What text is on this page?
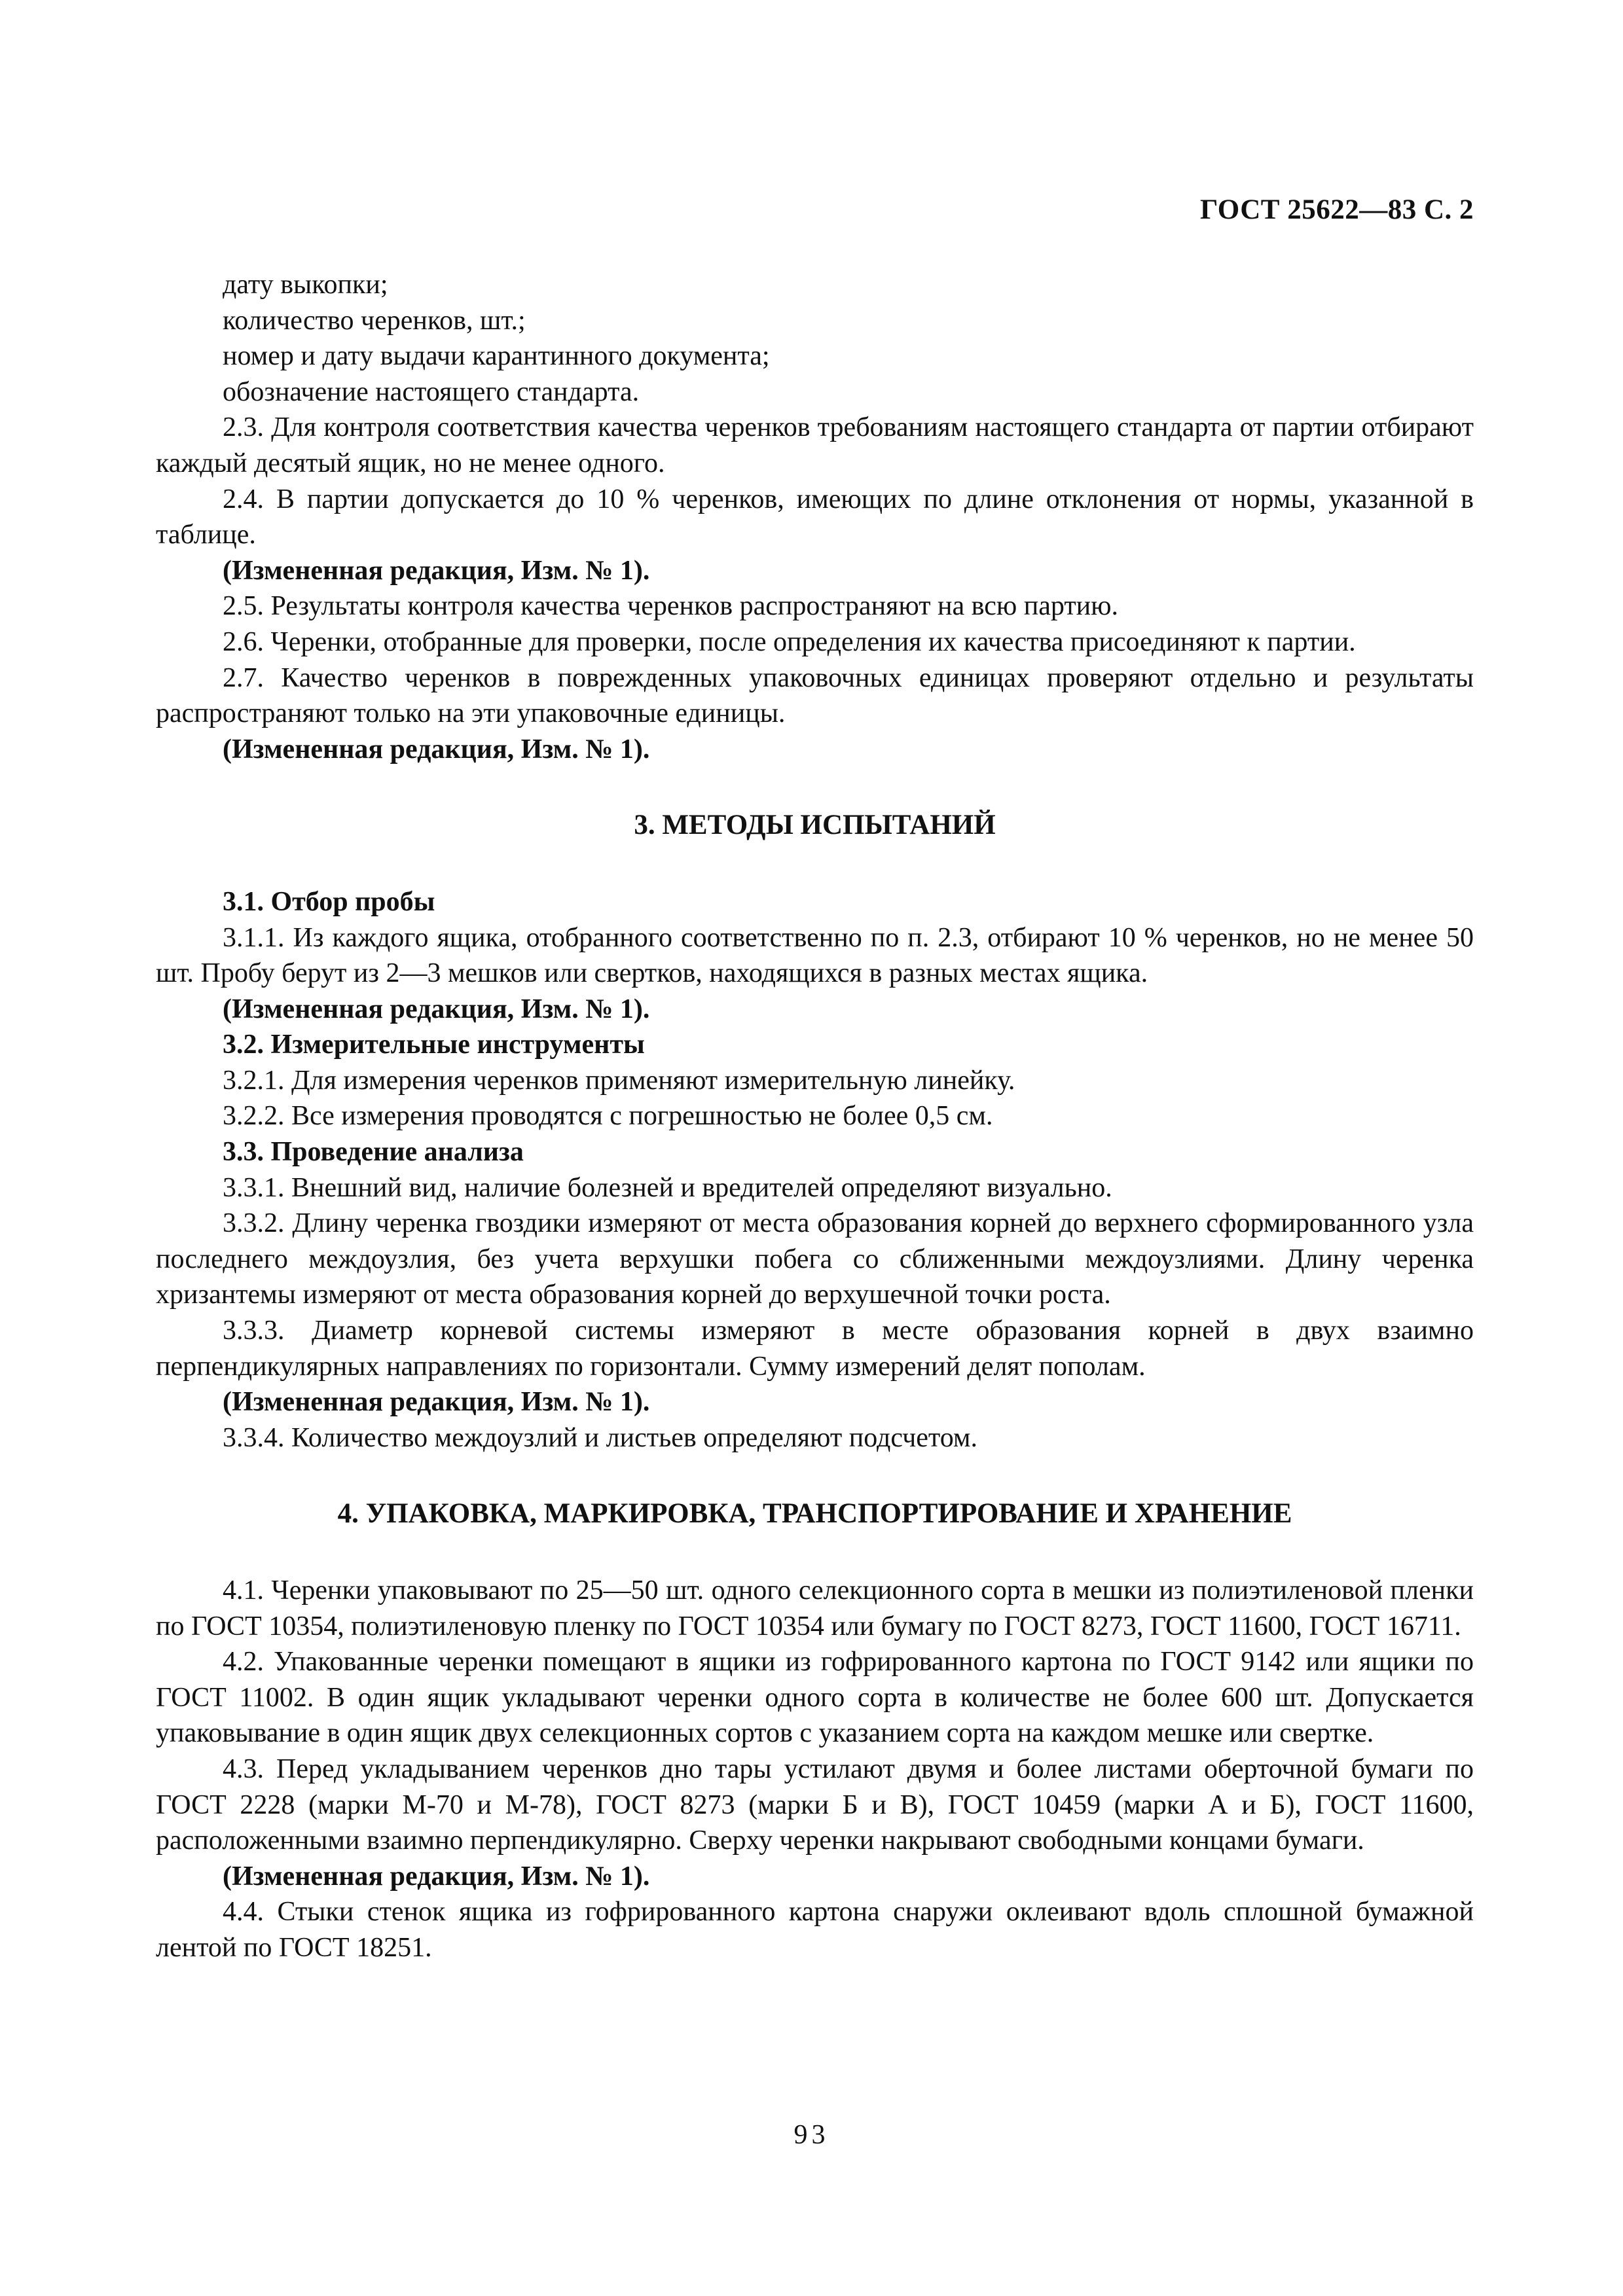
ГОСТ 25622—83 С. 2

дату выкопки;

количество черенков, шт.;

номер и дату выдачи карантинного документа;

обозначение настоящего стандарта.

2.3. Для контроля соответствия качества черенков требованиям настоящего стандарта от партии отбирают каждый десятый ящик, но не менее одного.

2.4. В партии допускается до 10 % черенков, имеющих по длине отклонения от нормы, указанной в таблице.

(Измененная редакция, Изм. № 1).

2.5. Результаты контроля качества черенков распространяют на всю партию.

2.6. Черенки, отобранные для проверки, после определения их качества присоединяют к партии.

2.7. Качество черенков в поврежденных упаковочных единицах проверяют отдельно и результаты распространяют только на эти упаковочные единицы.

(Измененная редакция, Изм. № 1).

3. МЕТОДЫ ИСПЫТАНИЙ

3.1. Отбор пробы

3.1.1. Из каждого ящика, отобранного соответственно по п. 2.3, отбирают 10 % черенков, но не менее 50 шт. Пробу берут из 2—3 мешков или свертков, находящихся в разных местах ящика.

(Измененная редакция, Изм. № 1).

3.2. Измерительные инструменты

3.2.1. Для измерения черенков применяют измерительную линейку.

3.2.2. Все измерения проводятся с погрешностью не более 0,5 см.

3.3. Проведение анализа

3.3.1. Внешний вид, наличие болезней и вредителей определяют визуально.

3.3.2. Длину черенка гвоздики измеряют от места образования корней до верхнего сформированного узла последнего междоузлия, без учета верхушки побега со сближенными междоузлиями. Длину черенка хризантемы измеряют от места образования корней до верхушечной точки роста.

3.3.3. Диаметр корневой системы измеряют в месте образования корней в двух взаимно перпендикулярных направлениях по горизонтали. Сумму измерений делят пополам.

(Измененная редакция, Изм. № 1).

3.3.4. Количество междоузлий и листьев определяют подсчетом.

4. УПАКОВКА, МАРКИРОВКА, ТРАНСПОРТИРОВАНИЕ И ХРАНЕНИЕ

4.1. Черенки упаковывают по 25—50 шт. одного селекционного сорта в мешки из полиэтиленовой пленки по ГОСТ 10354, полиэтиленовую пленку по ГОСТ 10354 или бумагу по ГОСТ 8273, ГОСТ 11600, ГОСТ 16711.

4.2. Упакованные черенки помещают в ящики из гофрированного картона по ГОСТ 9142 или ящики по ГОСТ 11002. В один ящик укладывают черенки одного сорта в количестве не более 600 шт. Допускается упаковывание в один ящик двух селекционных сортов с указанием сорта на каждом мешке или свертке.

4.3. Перед укладыванием черенков дно тары устилают двумя и более листами оберточной бумаги по ГОСТ 2228 (марки М-70 и М-78), ГОСТ 8273 (марки Б и В), ГОСТ 10459 (марки А и Б), ГОСТ 11600, расположенными взаимно перпендикулярно. Сверху черенки накрывают свободными концами бумаги.

(Измененная редакция, Изм. № 1).

4.4. Стыки стенок ящика из гофрированного картона снаружи оклеивают вдоль сплошной бумажной лентой по ГОСТ 18251.

93
